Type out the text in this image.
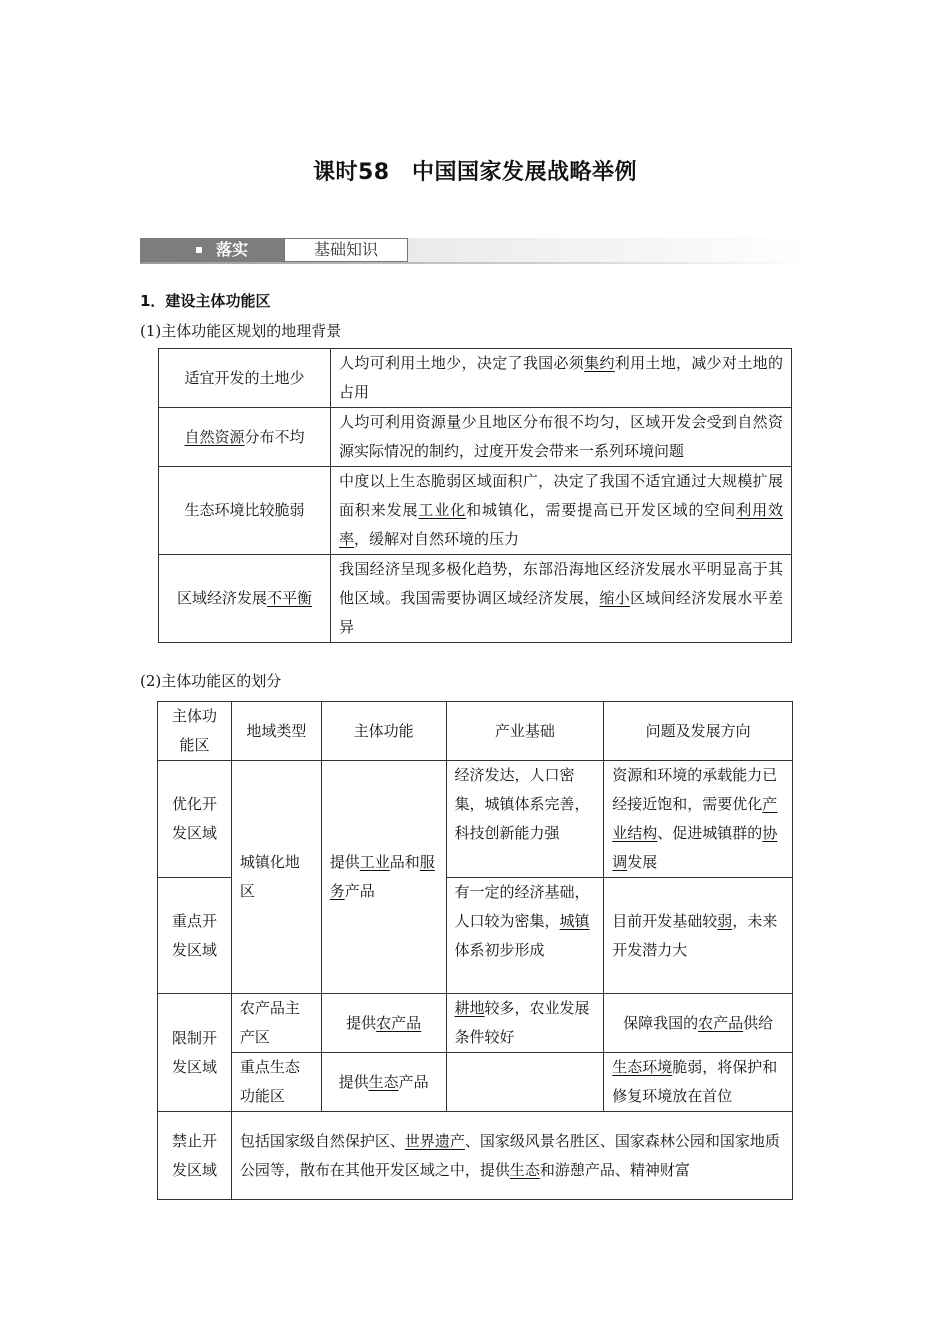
课时58　中国国家发展战略举例
落实	基础知识
1．建设主体功能区
(1)主体功能区规划的地理背景
适宜开发的土地少	人均可利用土地少，决定了我国必须集约利用土地，减少对土地的占用
自然资源分布不均	人均可利用资源量少且地区分布很不均匀，区域开发会受到自然资源实际情况的制约，过度开发会带来一系列环境问题
生态环境比较脆弱	中度以上生态脆弱区域面积广，决定了我国不适宜通过大规模扩展面积来发展工业化和城镇化，需要提高已开发区域的空间利用效率，缓解对自然环境的压力
区域经济发展不平衡	我国经济呈现多极化趋势，东部沿海地区经济发展水平明显高于其他区域。我国需要协调区域经济发展，缩小区域间经济发展水平差异
(2)主体功能区的划分
主体功能区	地域类型	主体功能	产业基础	问题及发展方向
优化开发区域	城镇化地区	提供工业品和服务产品	经济发达，人口密集，城镇体系完善，科技创新能力强	资源和环境的承载能力已经接近饱和，需要优化产业结构、促进城镇群的协调发展
重点开发区域			有一定的经济基础，人口较为密集，城镇体系初步形成	目前开发基础较弱，未来开发潜力大
限制开发区域	农产品主产区	提供农产品	耕地较多，农业发展条件较好	保障我国的农产品供给
	重点生态功能区	提供生态产品		生态环境脆弱，将保护和修复环境放在首位
禁止开发区域	包括国家级自然保护区、世界遗产、国家级风景名胜区、国家森林公园和国家地质公园等，散布在其他开发区域之中，提供生态和游憩产品、精神财富			
